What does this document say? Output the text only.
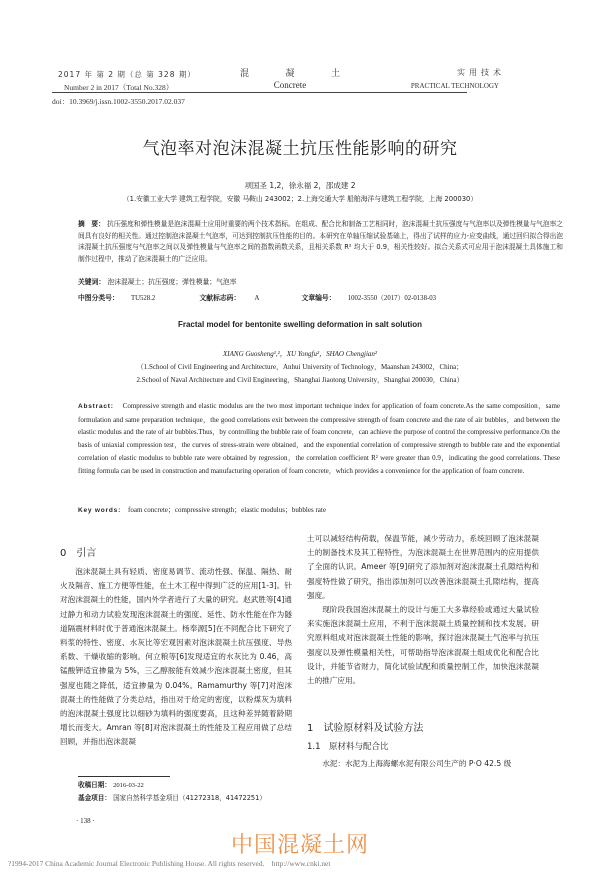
2017 年 第 2 期（总 第 328 期）
Number 2 in 2017（Total No.328）
混	凝	土
Concrete
实用技术
PRACTICAL TECHNOLOGY
doi：10.3969/j.issn.1002-3550.2017.02.037
气泡率对泡沫混凝土抗压性能影响的研究
项国圣 1,2，徐永福 2，邵成建 2
（1.安徽工业大学 建筑工程学院，安徽 马鞍山 243002；2.上海交通大学 船舶海洋与建筑工程学院，上海 200030）
摘　要： 抗压强度和弹性模量是泡沫混凝土应用时重要的两个技术指标。在组成、配合比和制备工艺相同时，泡沫混凝土抗压强度与气泡率以及弹性模量与气泡率之间具有良好的相关性。通过控制泡沫混凝土气泡率，可达到控制抗压性能的目的。本研究在单轴压缩试验基础上，得出了试样的应力-应变曲线，通过回归拟合得出泡沫混凝土抗压强度与气泡率之间以及弹性模量与气泡率之间的指数函数关系，且相关系数 R² 均大于 0.9，相关性较好。拟合关系式可应用于泡沫混凝土具体施工和制作过程中，推动了泡沫混凝土的广泛应用。
关键词： 泡沫混凝土；抗压强度；弹性模量；气泡率
中图分类号： TU528.2	文献标志码： A	文章编号： 1002-3550（2017）02-0138-03
Fractal model for bentonite swelling deformation in salt solution
XIANG Guosheng¹,²，XU Yongfu²，SHAO Chengjian²
（1.School of Civil Engineering and Architecture，Anhui University of Technology，Maanshan 243002，China；
2.School of Naval Architecture and Civil Engineering，Shanghai Jiaotong University，Shanghai 200030，China）
Abstract: Compressive strength and elastic modulus are the two most important technique index for application of foam concrete.As the same composition，same formulation and same preparation technique，the good correlations exit between the compressive strength of foam concrete and the rate of air bubbles，and between the elastic modulus and the rate of air bubbles.Thus，by controlling the bubble rate of foam concrete，can achieve the purpose of control the compressive performance.On the basis of uniaxial compression test，the curves of stress-strain were obtained，and the exponential correlation of compressive strength to bubble rate and the exponential correlation of elastic modulus to bubble rate were obtained by regression，the correlation coefficient R² were greater than 0.9，indicating the good correlations. These fitting formula can be used in construction and manufacturing operation of foam concrete，which provides a convenience for the application of foam concrete.
Key words: foam concrete；compressive strength；elastic modulus；bubbles rate
0　引言

泡沫混凝土具有轻质、密度易调节、流动性强、保温、隔热、耐火及隔音、施工方便等性能，在土木工程中得到广泛的应用[1-3]。针对泡沫混凝土的性能，国内外学者进行了大量的研究。赵武胜等[4]通过静力和动力试验发现泡沫混凝土的强度、延性、防水性能在作为隧道隔震材料时优于普通泡沫混凝土。杨奉源[5]在不同配合比下研究了料浆的特性、密度、水灰比等宏观因素对泡沫混凝土抗压强度、导热系数、干燥收缩的影响。何立粮等[6]发现适宜的水灰比为 0.46，高锰酸钾适宜掺量为 5%，三乙醇胺能有效减少泡沫混凝土密度，但其强度也随之降低，适宜掺量为 0.04%。Ramamurthy 等[7]对泡沫混凝土的性能做了分类总结，指出对于给定的密度，以粉煤灰为填料的泡沫混凝土强度比以细砂为填料的强度要高，且这种差异随着龄期增长而变大。Amran 等[8]对泡沫混凝土的性能及工程应用做了总结回顾，并指出泡沫混凝

土可以减轻结构荷载，保温节能，减少劳动力，系统回顾了泡沫混凝土的制备技术及其工程特性，为泡沫混凝土在世界范围内的应用提供了全面的认识。Ameer 等[9]研究了添加剂对泡沫混凝土孔隙结构和强度特性做了研究，指出添加剂可以改善泡沫混凝土孔隙结构，提高强度。

现阶段我国泡沫混凝土的设计与施工大多靠经验或通过大量试验来实施泡沫混凝土应用，不利于泡沫混凝土质量控制和技术发展。研究原料组成对泡沫混凝土性能的影响，探讨泡沫混凝土气泡率与抗压强度以及弹性模量相关性，可帮助指导泡沫混凝土组成优化和配合比设计，并能节省财力，简化试验试配和质量控制工作，加快泡沫混凝土的推广应用。

1　试验原材料及试验方法
1.1　原材料与配合比

水泥：水泥为上海海螺水泥有限公司生产的 P·O 42.5 级

收稿日期： 2016-03-22
基金项目： 国家自然科学基金项目（41272318，41472251）
· 138 ·
中国混凝土网
?1994-2017 China Academic Journal Electronic Publishing House. All rights reserved.　http://www.cnki.net
